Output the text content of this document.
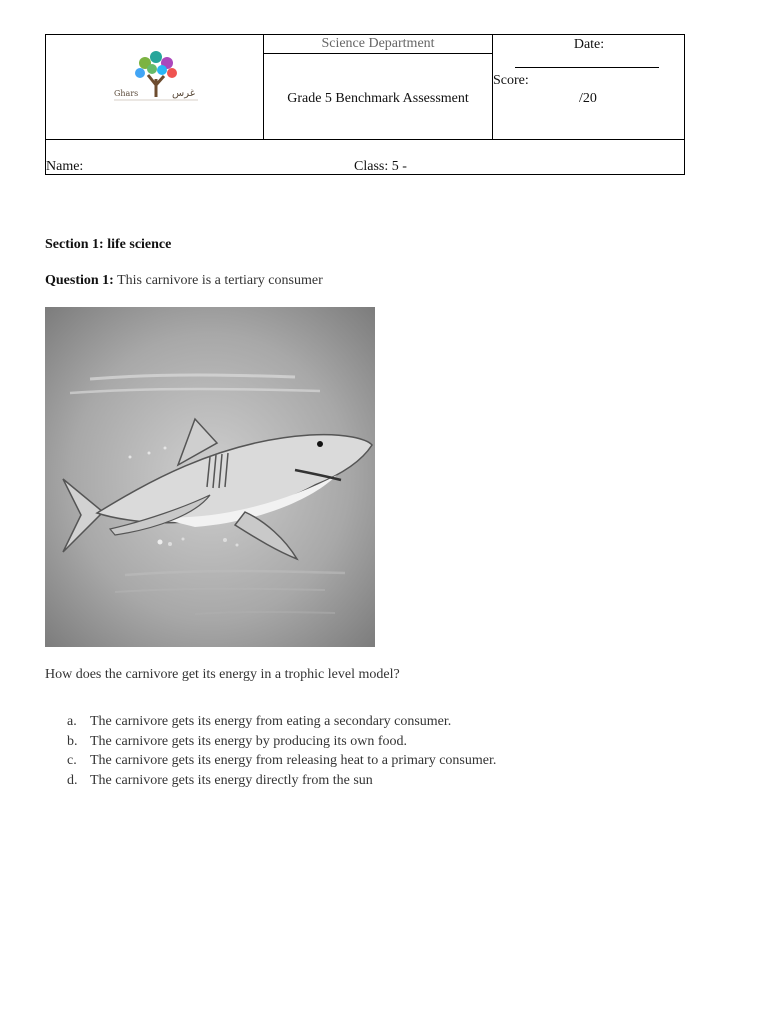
Ghars	غرس
Science Department
Grade 5 Benchmark Assessment
Date:
Score:
/20
Name:	Class: 5 -
Section 1: life science
Question 1: This carnivore is a tertiary consumer
How does the carnivore get its energy in a trophic level model?
a. The carnivore gets its energy from eating a secondary consumer.
b. The carnivore gets its energy by producing its own food.
c. The carnivore gets its energy from releasing heat to a primary consumer.
d. The carnivore gets its energy directly from the sun
